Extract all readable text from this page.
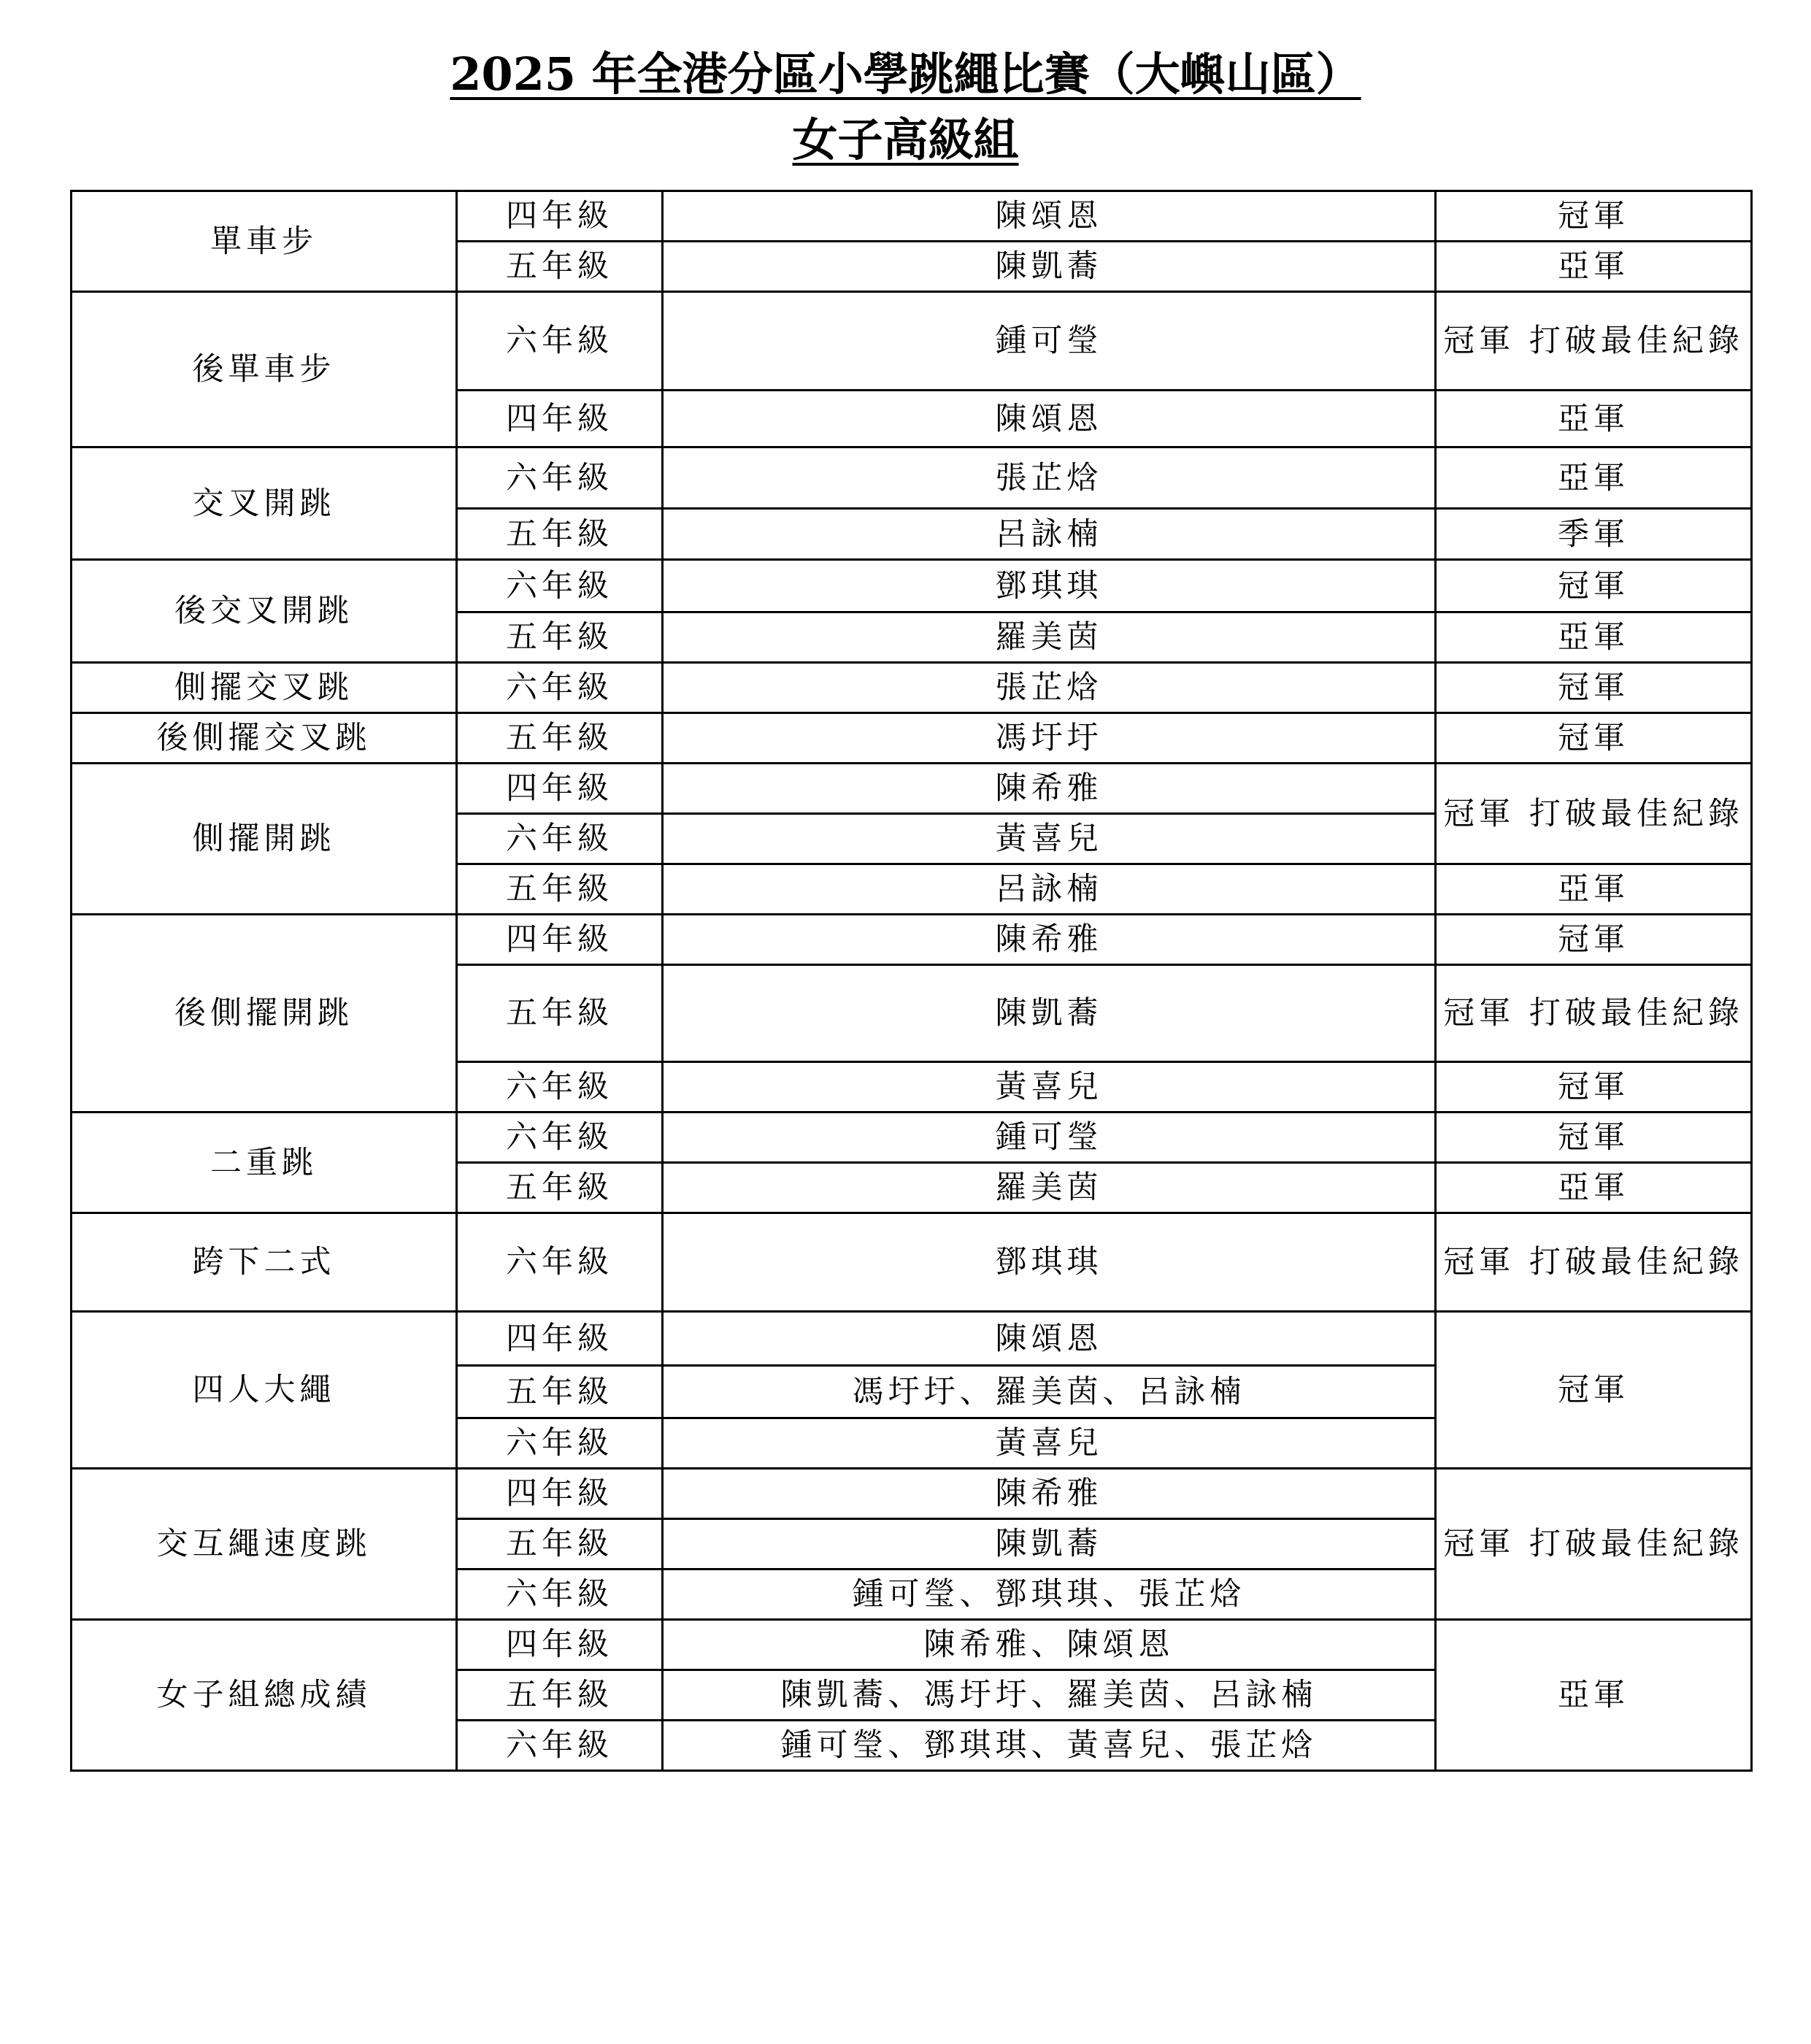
2025 年全港分區小學跳繩比賽（大嶼山區）
女子高級組
單車步	四年級	陳頌恩	冠軍
	五年級	陳凱蕎	亞軍
後單車步	六年級	鍾可瑩	冠軍 打破最佳紀錄
	四年級	陳頌恩	亞軍
交叉開跳	六年級	張芷焓	亞軍
	五年級	呂詠楠	季軍
後交叉開跳	六年級	鄧琪琪	冠軍
	五年級	羅美茵	亞軍
側擺交叉跳	六年級	張芷焓	冠軍
後側擺交叉跳	五年級	馮圩圩	冠軍
側擺開跳	四年級	陳希雅	冠軍 打破最佳紀錄
	六年級	黃喜兒	
	五年級	呂詠楠	亞軍
後側擺開跳	四年級	陳希雅	冠軍
	五年級	陳凱蕎	冠軍 打破最佳紀錄
	六年級	黃喜兒	冠軍
二重跳	六年級	鍾可瑩	冠軍
	五年級	羅美茵	亞軍
跨下二式	六年級	鄧琪琪	冠軍 打破最佳紀錄
四人大繩	四年級	陳頌恩	冠軍
	五年級	馮圩圩、羅美茵、呂詠楠	
	六年級	黃喜兒	
交互繩速度跳	四年級	陳希雅	冠軍 打破最佳紀錄
	五年級	陳凱蕎	
	六年級	鍾可瑩、鄧琪琪、張芷焓	
女子組總成績	四年級	陳希雅、陳頌恩	亞軍
	五年級	陳凱蕎、馮圩圩、羅美茵、呂詠楠	
	六年級	鍾可瑩、鄧琪琪、黃喜兒、張芷焓	
